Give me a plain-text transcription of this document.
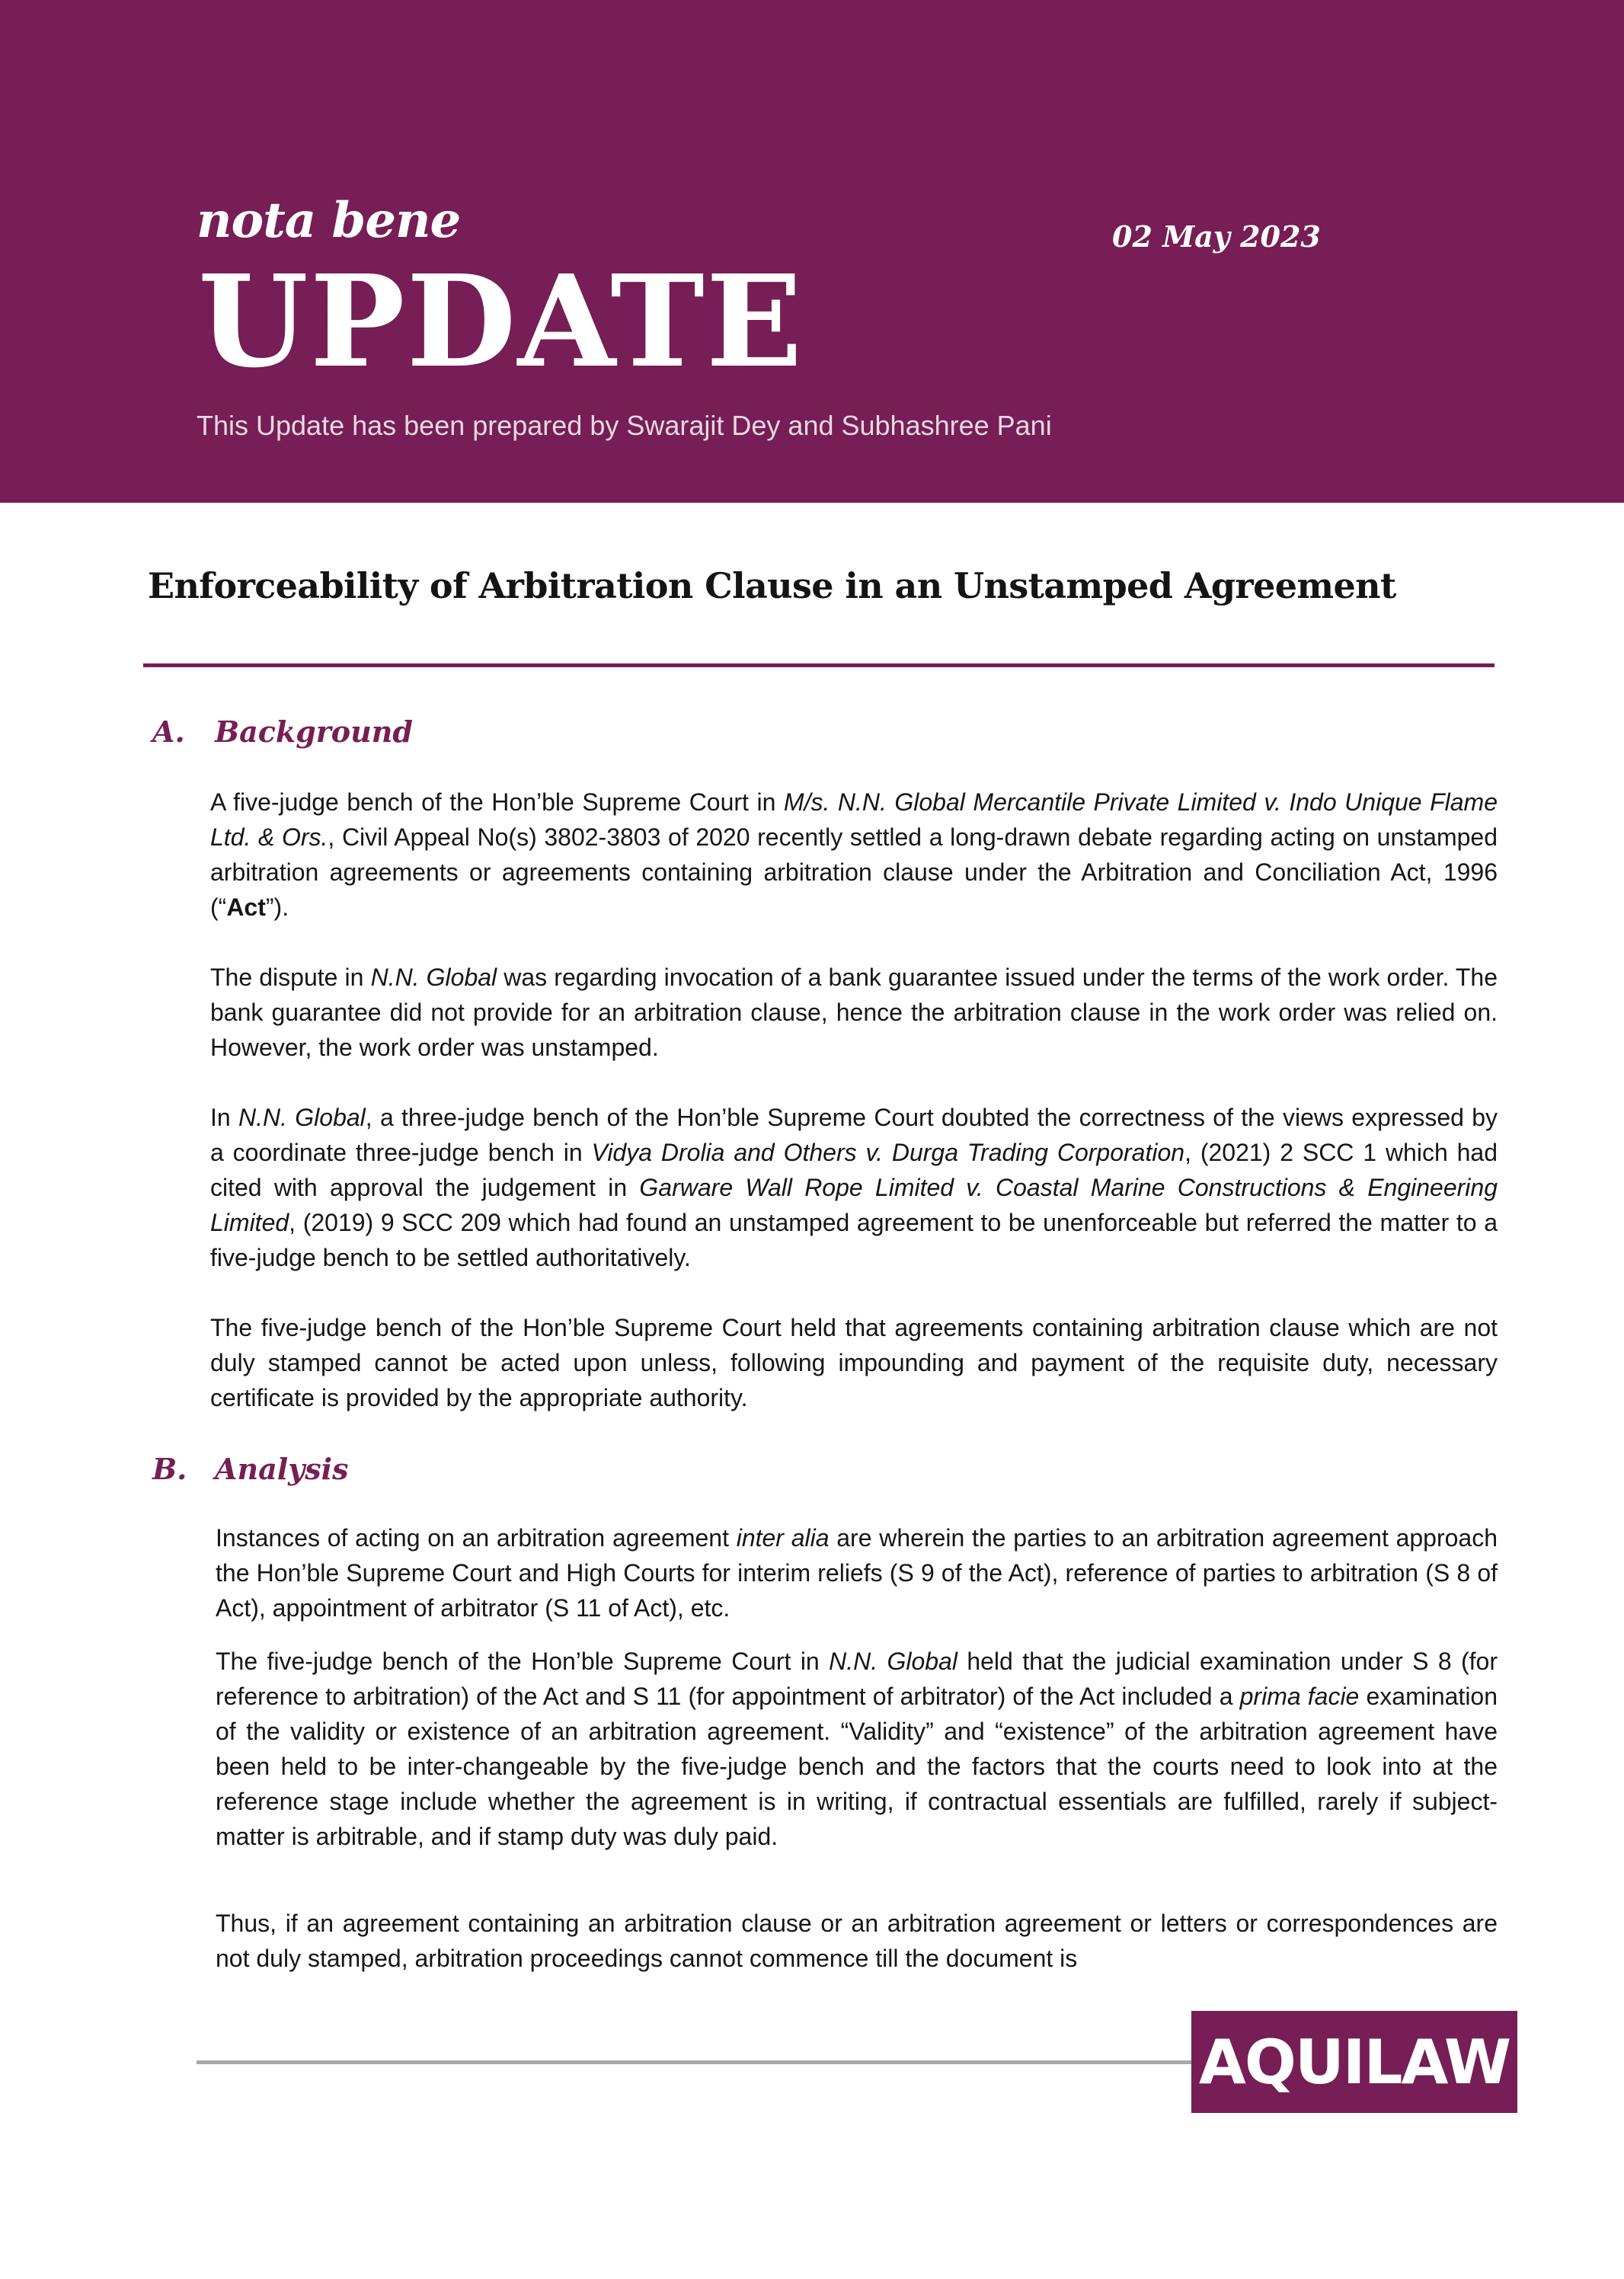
nota bene
UPDATE
02 May 2023
This Update has been prepared by Swarajit Dey and Subhashree Pani
Enforceability of Arbitration Clause in an Unstamped Agreement
A. Background

A five-judge bench of the Hon’ble Supreme Court in M/s. N.N. Global Mercantile Private Limited v. Indo Unique Flame Ltd. & Ors., Civil Appeal No(s) 3802-3803 of 2020 recently settled a long-drawn debate regarding acting on unstamped arbitration agreements or agreements containing arbitration clause under the Arbitration and Conciliation Act, 1996 (“Act”).

The dispute in N.N. Global was regarding invocation of a bank guarantee issued under the terms of the work order. The bank guarantee did not provide for an arbitration clause, hence the arbitration clause in the work order was relied on. However, the work order was unstamped.

In N.N. Global, a three-judge bench of the Hon’ble Supreme Court doubted the correctness of the views expressed by a coordinate three-judge bench in Vidya Drolia and Others v. Durga Trading Corporation, (2021) 2 SCC 1 which had cited with approval the judgement in Garware Wall Rope Limited v. Coastal Marine Constructions & Engineering Limited, (2019) 9 SCC 209 which had found an unstamped agreement to be unenforceable but referred the matter to a five-judge bench to be settled authoritatively.

The five-judge bench of the Hon’ble Supreme Court held that agreements containing arbitration clause which are not duly stamped cannot be acted upon unless, following impounding and payment of the requisite duty, necessary certificate is provided by the appropriate authority.

B. Analysis

Instances of acting on an arbitration agreement inter alia are wherein the parties to an arbitration agreement approach the Hon’ble Supreme Court and High Courts for interim reliefs (S 9 of the Act), reference of parties to arbitration (S 8 of Act), appointment of arbitrator (S 11 of Act), etc.

The five-judge bench of the Hon’ble Supreme Court in N.N. Global held that the judicial examination under S 8 (for reference to arbitration) of the Act and S 11 (for appointment of arbitrator) of the Act included a prima facie examination of the validity or existence of an arbitration agreement. “Validity” and “existence” of the arbitration agreement have been held to be inter-changeable by the five-judge bench and the factors that the courts need to look into at the reference stage include whether the agreement is in writing, if contractual essentials are fulfilled, rarely if subject-matter is arbitrable, and if stamp duty was duly paid.

Thus, if an agreement containing an arbitration clause or an arbitration agreement or letters or correspondences are not duly stamped, arbitration proceedings cannot commence till the document is

AQUILAW
